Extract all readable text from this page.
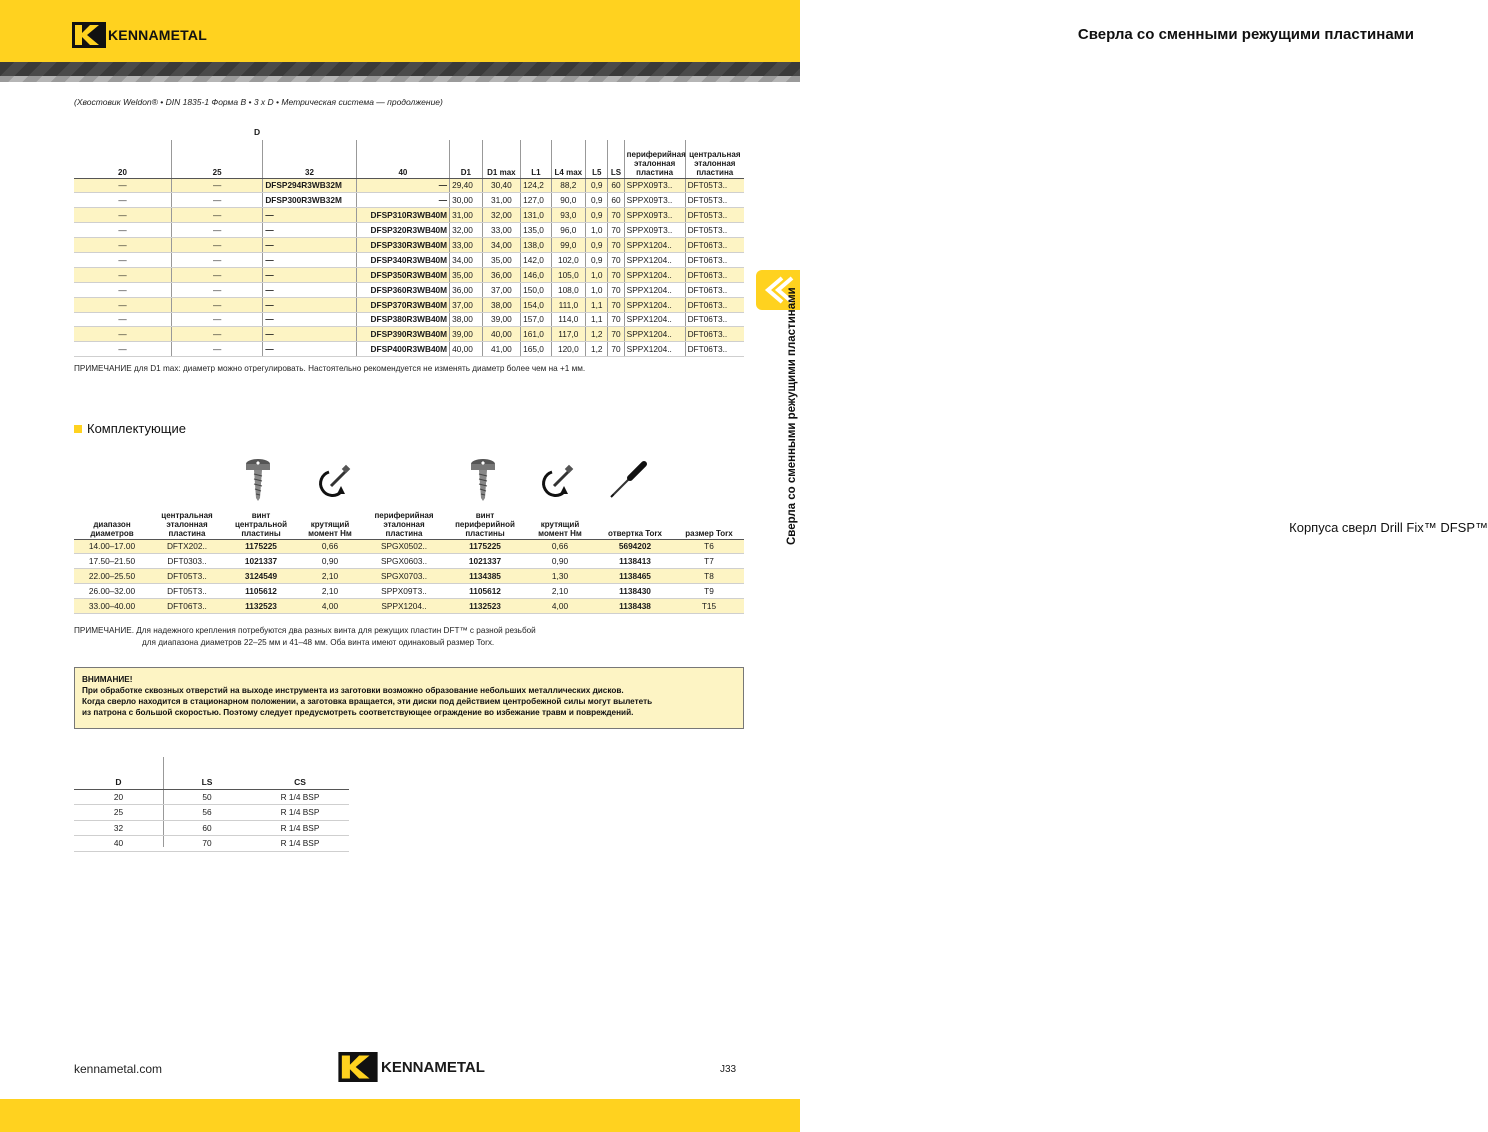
KENNAMETAL	Сверла со сменными режущими пластинами
Корпуса сверл Drill Fix™ DFSP™
Сверла со сменными режущими пластинами
(Хвостовик Weldon® • DIN 1835-1 Форма B • 3 x D • Метрическая система — продолжение)
D
20	25	32	40	D1	D1 max	L1	L4 max	L5	LS	периферийная эталонная пластина	центральная эталонная пластина
—	—	DFSP294R3WB32M	—	29,40	30,40	124,2	88,2	0,9	60	SPPX09T3..	DFT05T3..
—	—	DFSP300R3WB32M	—	30,00	31,00	127,0	90,0	0,9	60	SPPX09T3..	DFT05T3..
—	—	—	DFSP310R3WB40M	31,00	32,00	131,0	93,0	0,9	70	SPPX09T3..	DFT05T3..
—	—	—	DFSP320R3WB40M	32,00	33,00	135,0	96,0	1,0	70	SPPX09T3..	DFT05T3..
—	—	—	DFSP330R3WB40M	33,00	34,00	138,0	99,0	0,9	70	SPPX1204..	DFT06T3..
—	—	—	DFSP340R3WB40M	34,00	35,00	142,0	102,0	0,9	70	SPPX1204..	DFT06T3..
—	—	—	DFSP350R3WB40M	35,00	36,00	146,0	105,0	1,0	70	SPPX1204..	DFT06T3..
—	—	—	DFSP360R3WB40M	36,00	37,00	150,0	108,0	1,0	70	SPPX1204..	DFT06T3..
—	—	—	DFSP370R3WB40M	37,00	38,00	154,0	111,0	1,1	70	SPPX1204..	DFT06T3..
—	—	—	DFSP380R3WB40M	38,00	39,00	157,0	114,0	1,1	70	SPPX1204..	DFT06T3..
—	—	—	DFSP390R3WB40M	39,00	40,00	161,0	117,0	1,2	70	SPPX1204..	DFT06T3..
—	—	—	DFSP400R3WB40M	40,00	41,00	165,0	120,0	1,2	70	SPPX1204..	DFT06T3..
ПРИМЕЧАНИЕ для D1 max: диаметр можно отрегулировать. Настоятельно рекомендуется не изменять диаметр более чем на +1 мм.
Комплектующие
диапазон диаметров	центральная эталонная пластина	винт центральной пластины	крутящий момент Нм	периферийная эталонная пластина	винт периферийной пластины	крутящий момент Нм	отвертка Torx	размер Torx
14.00–17.00	DFTX202..	1175225	0,66	SPGX0502..	1175225	0,66	5694202	T6
17.50–21.50	DFT0303..	1021337	0,90	SPGX0603..	1021337	0,90	1138413	T7
22.00–25.50	DFT05T3..	3124549	2,10	SPGX0703..	1134385	1,30	1138465	T8
26.00–32.00	DFT05T3..	1105612	2,10	SPPX09T3..	1105612	2,10	1138430	T9
33.00–40.00	DFT06T3..	1132523	4,00	SPPX1204..	1132523	4,00	1138438	T15
ПРИМЕЧАНИЕ. Для надежного крепления потребуются два разных винта для режущих пластин DFT™ с разной резьбой
для диапазона диаметров 22–25 мм и 41–48 мм. Оба винта имеют одинаковый размер Torx.
ВНИМАНИЕ!
При обработке сквозных отверстий на выходе инструмента из заготовки возможно образование небольших металлических дисков.
Когда сверло находится в стационарном положении, а заготовка вращается, эти диски под действием центробежной силы могут вылететь
из патрона с большой скоростью. Поэтому следует предусмотреть соответствующее ограждение во избежание травм и повреждений.
D	LS	CS
20	50	R 1/4 BSP
25	56	R 1/4 BSP
32	60	R 1/4 BSP
40	70	R 1/4 BSP
kennametal.com	KENNAMETAL	J33
